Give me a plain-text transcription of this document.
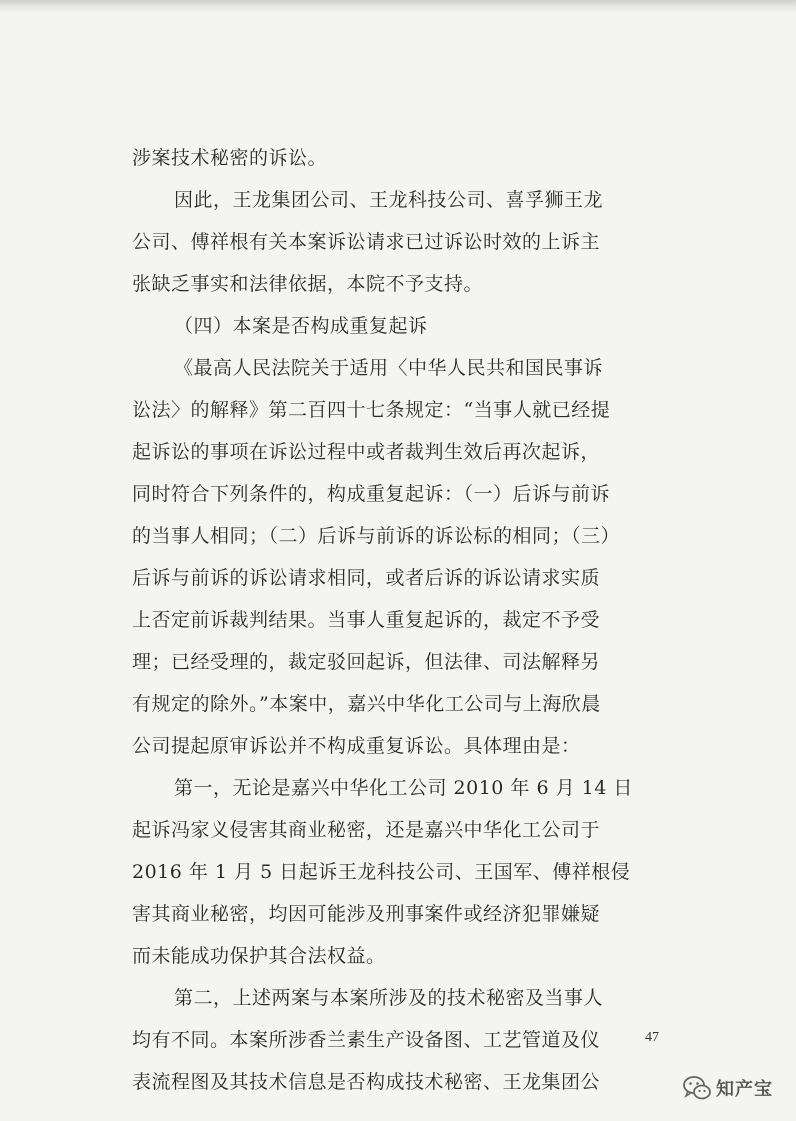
涉案技术秘密的诉讼。
因此，王龙集团公司、王龙科技公司、喜孚狮王龙
公司、傅祥根有关本案诉讼请求已过诉讼时效的上诉主
张缺乏事实和法律依据，本院不予支持。
（四）本案是否构成重复起诉
《最高人民法院关于适用〈中华人民共和国民事诉
讼法〉的解释》第二百四十七条规定：“当事人就已经提
起诉讼的事项在诉讼过程中或者裁判生效后再次起诉，
同时符合下列条件的，构成重复起诉：（一）后诉与前诉
的当事人相同；（二）后诉与前诉的诉讼标的相同；（三）
后诉与前诉的诉讼请求相同，或者后诉的诉讼请求实质
上否定前诉裁判结果。当事人重复起诉的，裁定不予受
理；已经受理的，裁定驳回起诉，但法律、司法解释另
有规定的除外。”本案中，嘉兴中华化工公司与上海欣晨
公司提起原审诉讼并不构成重复诉讼。具体理由是：
第一，无论是嘉兴中华化工公司 2010 年 6 月 14 日
起诉冯家义侵害其商业秘密，还是嘉兴中华化工公司于
2016 年 1 月 5 日起诉王龙科技公司、王国军、傅祥根侵
害其商业秘密，均因可能涉及刑事案件或经济犯罪嫌疑
而未能成功保护其合法权益。
第二，上述两案与本案所涉及的技术秘密及当事人
均有不同。本案所涉香兰素生产设备图、工艺管道及仪
表流程图及其技术信息是否构成技术秘密、王龙集团公
47
知产宝
